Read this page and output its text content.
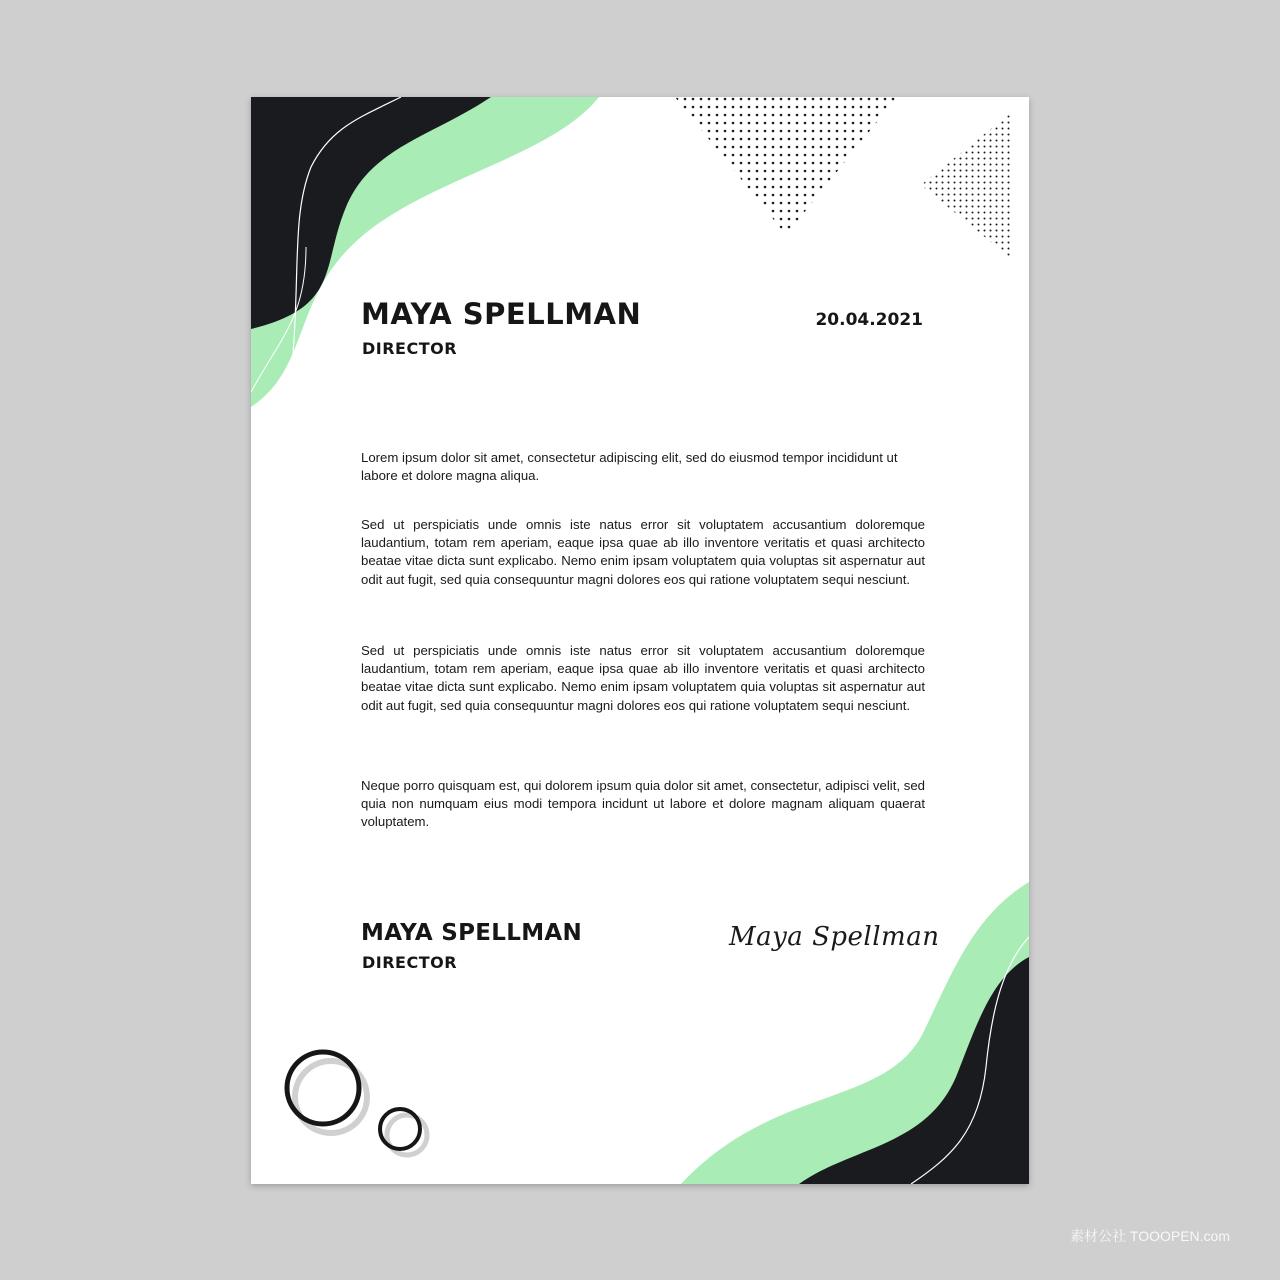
MAYA SPELLMAN
DIRECTOR
20.04.2021
Lorem ipsum dolor sit amet, consectetur adipiscing elit, sed do eiusmod tempor incididunt ut labore et dolore magna aliqua.
Sed ut perspiciatis unde omnis iste natus error sit voluptatem accusantium doloremque laudantium, totam rem aperiam, eaque ipsa quae ab illo inventore veritatis et quasi architecto beatae vitae dicta sunt explicabo. Nemo enim ipsam voluptatem quia voluptas sit aspernatur aut odit aut fugit, sed quia consequuntur magni dolores eos qui ratione voluptatem sequi nesciunt.
Sed ut perspiciatis unde omnis iste natus error sit voluptatem accusantium doloremque laudantium, totam rem aperiam, eaque ipsa quae ab illo inventore veritatis et quasi architecto beatae vitae dicta sunt explicabo. Nemo enim ipsam voluptatem quia voluptas sit aspernatur aut odit aut fugit, sed quia consequuntur magni dolores eos qui ratione voluptatem sequi nesciunt.
Neque porro quisquam est, qui dolorem ipsum quia dolor sit amet, consectetur, adipisci velit, sed quia non numquam eius modi tempora incidunt ut labore et dolore magnam aliquam quaerat voluptatem.
MAYA SPELLMAN
DIRECTOR
Maya Spellman
素材公社 TOOOPEN.com
